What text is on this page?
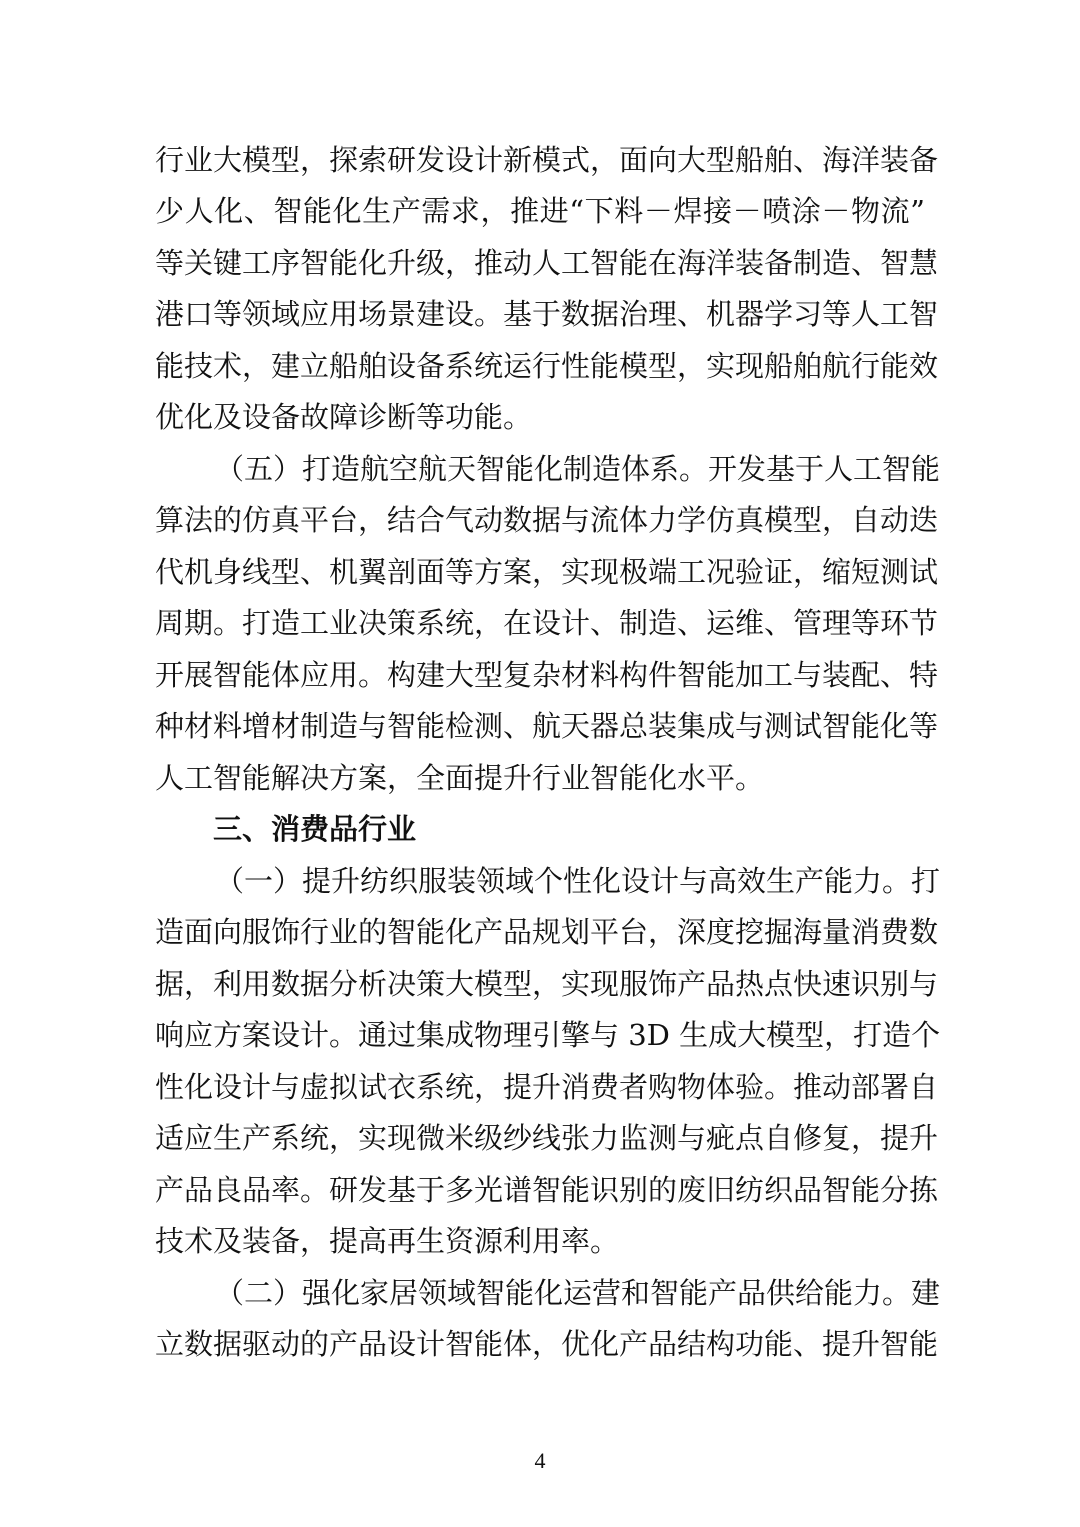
行业大模型，探索研发设计新模式，面向大型船舶、海洋装备
少人化、智能化生产需求，推进“下料－焊接－喷涂－物流”
等关键工序智能化升级，推动人工智能在海洋装备制造、智慧
港口等领域应用场景建设。基于数据治理、机器学习等人工智
能技术，建立船舶设备系统运行性能模型，实现船舶航行能效
优化及设备故障诊断等功能。
（五）打造航空航天智能化制造体系。开发基于人工智能
算法的仿真平台，结合气动数据与流体力学仿真模型，自动迭
代机身线型、机翼剖面等方案，实现极端工况验证，缩短测试
周期。打造工业决策系统，在设计、制造、运维、管理等环节
开展智能体应用。构建大型复杂材料构件智能加工与装配、特
种材料增材制造与智能检测、航天器总装集成与测试智能化等
人工智能解决方案，全面提升行业智能化水平。
三、消费品行业
（一）提升纺织服装领域个性化设计与高效生产能力。打
造面向服饰行业的智能化产品规划平台，深度挖掘海量消费数
据，利用数据分析决策大模型，实现服饰产品热点快速识别与
响应方案设计。通过集成物理引擎与 3D 生成大模型，打造个
性化设计与虚拟试衣系统，提升消费者购物体验。推动部署自
适应生产系统，实现微米级纱线张力监测与疵点自修复，提升
产品良品率。研发基于多光谱智能识别的废旧纺织品智能分拣
技术及装备，提高再生资源利用率。
（二）强化家居领域智能化运营和智能产品供给能力。建
立数据驱动的产品设计智能体，优化产品结构功能、提升智能
4
